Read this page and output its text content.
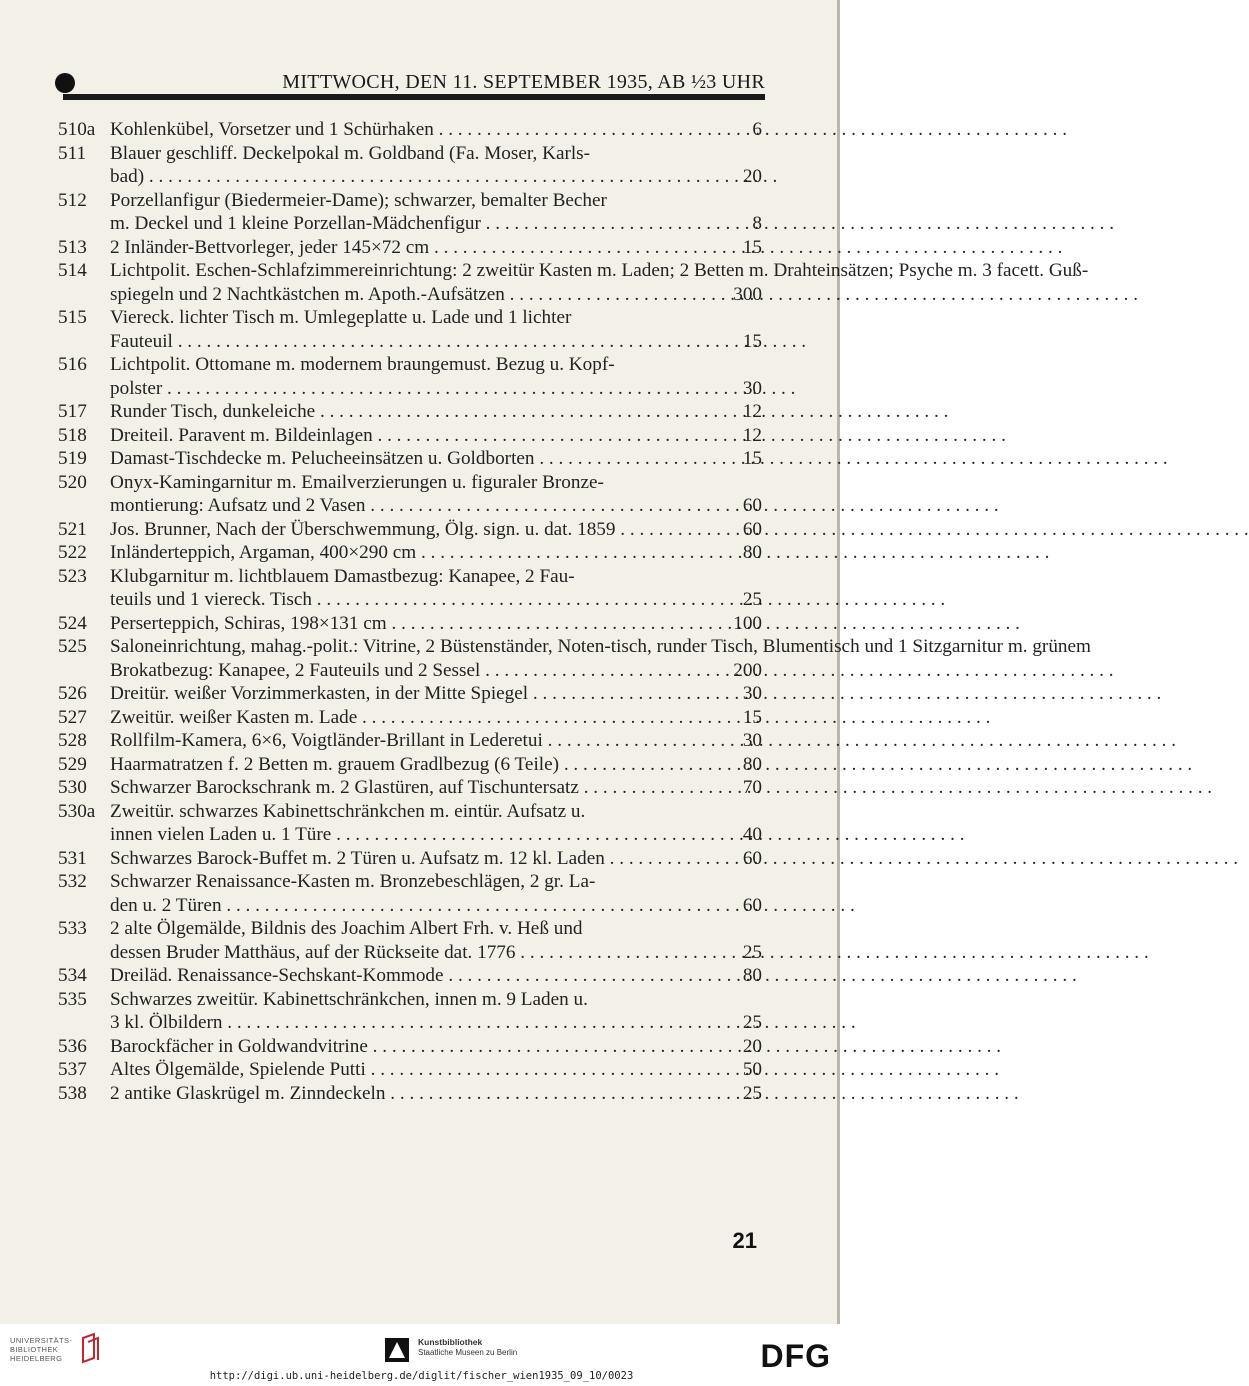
MITTWOCH, DEN 11. SEPTEMBER 1935, AB ½3 UHR
510a Kohlenkübel, Vorsetzer und 1 Schürhaken . . .	6
511	Blauer geschliff. Deckelpokal m. Goldband (Fa. Moser, Karls-
bad) . . .	20
512	Porzellanfigur (Biedermeier-Dame); schwarzer, bemalter Becher
m. Deckel und 1 kleine Porzellan-Mädchenfigur . . .	8
513	2 Inländer-Bettvorleger, jeder 145×72 cm . . .	15
514	Lichtpolit. Eschen-Schlafzimmereinrichtung: 2 zweitür Kasten m. Laden; 2 Betten m. Drahteinsätzen; Psyche m. 3 facett. Guß-
spiegeln und 2 Nachtkästchen m. Apoth.-Aufsätzen . . .	300
515	Viereck. lichter Tisch m. Umlegeplatte u. Lade und 1 lichter
Fauteuil . . .	15
516	Lichtpolit. Ottomane m. modernem braungemust. Bezug u. Kopf-
polster . . .	30
517	Runder Tisch, dunkeleiche . . .	12
518	Dreiteil. Paravent m. Bildeinlagen . . .	12
519	Damast-Tischdecke m. Pelucheeinsätzen u. Goldborten . . .	15
520	Onyx-Kamingarnitur m. Emailverzierungen u. figuraler Bronze-
montierung: Aufsatz und 2 Vasen . . .	60
521	Jos. Brunner, Nach der Überschwemmung, Ölg. sign. u. dat. 1859 . . .	60
522	Inländerteppich, Argaman, 400×290 cm . . .	80
523	Klubgarnitur m. lichtblauem Damastbezug: Kanapee, 2 Fau-
teuils und 1 viereck. Tisch . . .	25
524	Perserteppich, Schiras, 198×131 cm . . .	100
525	Saloneinrichtung, mahag.-polit.: Vitrine, 2 Büstenständer, Noten-tisch, runder Tisch, Blumentisch und 1 Sitzgarnitur m. grünem
Brokatbezug: Kanapee, 2 Fauteuils und 2 Sessel . . .	200
526	Dreitür. weißer Vorzimmerkasten, in der Mitte Spiegel . . .	30
527	Zweitür. weißer Kasten m. Lade . . .	15
528	Rollfilm-Kamera, 6×6, Voigtländer-Brillant in Lederetui . . .	30
529	Haarmatratzen f. 2 Betten m. grauem Gradlbezug (6 Teile) . . .	80
530	Schwarzer Barockschrank m. 2 Glastüren, auf Tischuntersatz . . .	70
530a Zweitür. schwarzes Kabinettschränkchen m. eintür. Aufsatz u.
innen vielen Laden u. 1 Türe . . .	40
531	Schwarzes Barock-Buffet m. 2 Türen u. Aufsatz m. 12 kl. Laden . . .	60
532	Schwarzer Renaissance-Kasten m. Bronzebeschlägen, 2 gr. La-
den u. 2 Türen . . .	60
533	2 alte Ölgemälde, Bildnis des Joachim Albert Frh. v. Heß und
dessen Bruder Matthäus, auf der Rückseite dat. 1776 . . .	25
534	Dreiläd. Renaissance-Sechskant-Kommode . . .	80
535	Schwarzes zweitür. Kabinettschränkchen, innen m. 9 Laden u.
3 kl. Ölbildern . . .	25
536	Barockfächer in Goldwandvitrine . . .	20
537	Altes Ölgemälde, Spielende Putti . . .	50
538	2 antike Glaskrügel m. Zinndeckeln . . .	25
21
UNIVERSITÄTS-
BIBLIOTHEK
HEIDELBERG
Kunstbibliothek
Staatliche Museen zu Berlin	DFG
http://digi.ub.uni-heidelberg.de/diglit/fischer_wien1935_09_10/0023
